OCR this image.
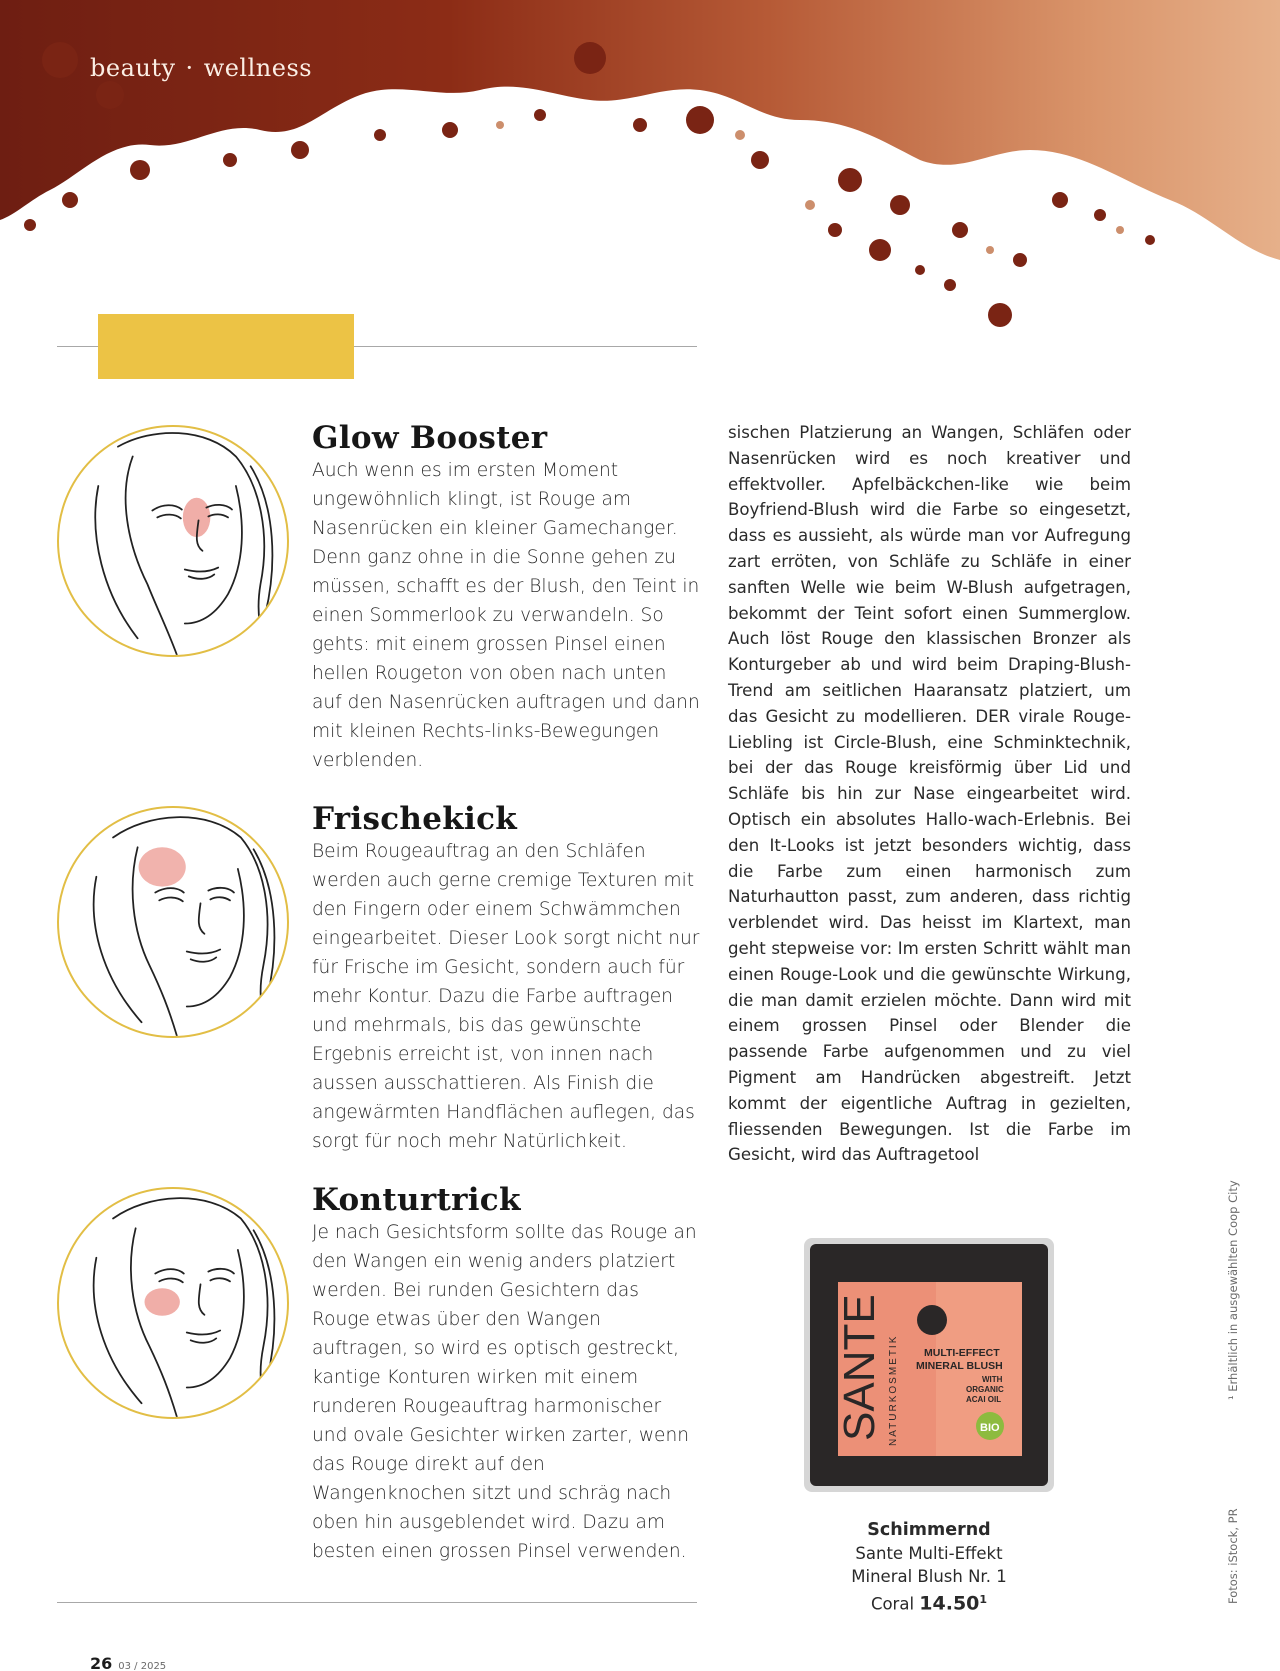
beauty · wellness
Glow Booster

Auch wenn es im ersten Moment ungewöhnlich klingt, ist Rouge am Nasenrücken ein kleiner Gamechanger. Denn ganz ohne in die Sonne gehen zu müssen, schafft es der Blush, den Teint in einen Sommerlook zu verwandeln. So gehts: mit einem grossen Pinsel einen hellen Rougeton von oben nach unten auf den Nasenrücken auftragen und dann mit kleinen Rechts-links-Bewegungen verblenden.

Frischekick

Beim Rougeauftrag an den Schläfen werden auch gerne cremige Texturen mit den Fingern oder einem Schwämmchen eingearbeitet. Dieser Look sorgt nicht nur für Frische im Gesicht, sondern auch für mehr Kontur. Dazu die Farbe auftragen und mehrmals, bis das gewünschte Ergebnis erreicht ist, von innen nach aussen ausschattieren. Als Finish die angewärmten Handflächen auflegen, das sorgt für noch mehr Natürlichkeit.

Konturtrick

Je nach Gesichtsform sollte das Rouge an den Wangen ein wenig anders platziert werden. Bei runden Gesichtern das Rouge etwas über den Wangen auftragen, so wird es optisch gestreckt, kantige Konturen wirken mit einem runderen Rougeauftrag harmonischer und ovale Gesichter wirken zarter, wenn das Rouge direkt auf den Wangenknochen sitzt und schräg nach oben hin ausgeblendet wird. Dazu am besten einen grossen Pinsel verwenden.

sischen Platzierung an Wangen, Schläfen oder Nasenrücken wird es noch kreativer und effektvoller. Apfelbäckchen-like wie beim Boyfriend-Blush wird die Farbe so eingesetzt, dass es aussieht, als würde man vor Aufregung zart erröten, von Schläfe zu Schläfe in einer sanften Welle wie beim W-Blush aufgetragen, bekommt der Teint sofort einen Summerglow. Auch löst Rouge den klassischen Bronzer als Konturgeber ab und wird beim Draping-Blush-Trend am seitlichen Haaransatz platziert, um das Gesicht zu modellieren. DER virale Rouge-Liebling ist Circle-Blush, eine Schminktechnik, bei der das Rouge kreisförmig über Lid und Schläfe bis hin zur Nase eingearbeitet wird. Optisch ein absolutes Hallo-wach-Erlebnis. Bei den It-Looks ist jetzt besonders wichtig, dass die Farbe zum einen harmonisch zum Naturhautton passt, zum anderen, dass richtig verblendet wird. Das heisst im Klartext, man geht stepweise vor: Im ersten Schritt wählt man einen Rouge-Look und die gewünschte Wirkung, die man damit erzielen möchte. Dann wird mit einem grossen Pinsel oder Blender die passende Farbe aufgenommen und zu viel Pigment am Handrücken abgestreift. Jetzt kommt der eigentliche Auftrag in gezielten, fliessenden Bewegungen. Ist die Farbe im Gesicht, wird das Auftragetool
SANTE NATURKOSMETIK MULTI-EFFECT
MINERAL BLUSH
WITH
ORGANIC
ACAI OIL
BIO
Schimmernd
Sante Multi-Effekt
Mineral Blush Nr. 1
Coral 14.50$^1$
¹ Erhältlich in ausgewählten Coop City
Fotos: iStock, PR
26 03 / 2025
